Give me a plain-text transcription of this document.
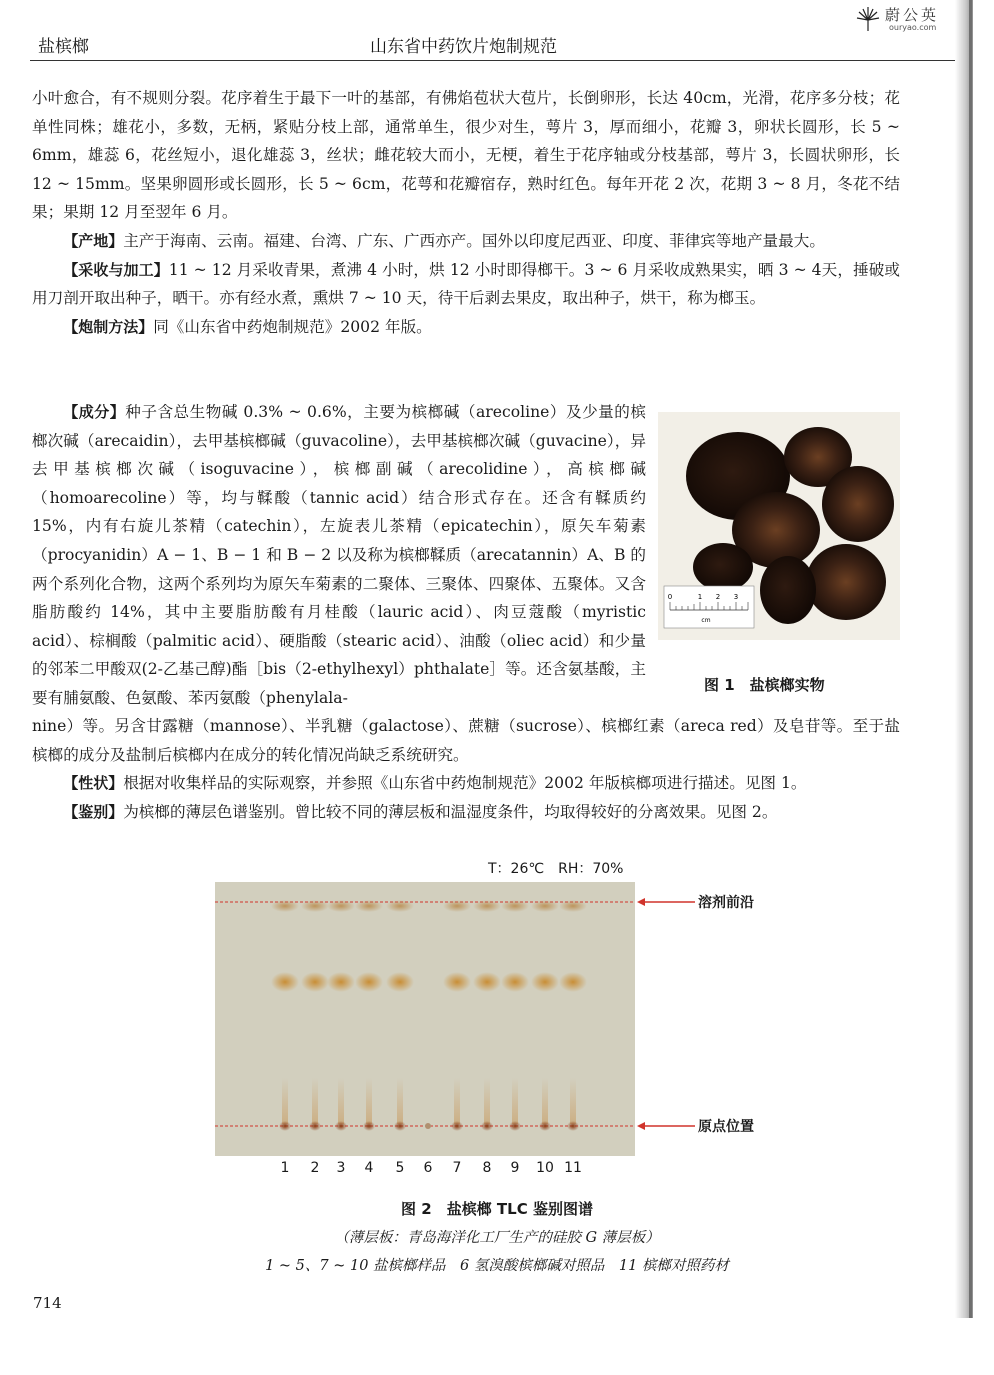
盐槟榔	山东省中药饮片炮制规范
蔚公英
ouryao.com

小叶愈合，有不规则分裂。花序着生于最下一叶的基部，有佛焰苞状大苞片，长倒卵形，长达 40cm，光滑，花序多分枝；花单性同株；雄花小，多数，无柄，紧贴分枝上部，通常单生，很少对生，萼片 3，厚而细小，花瓣 3，卵状长圆形，长 5 ~ 6mm，雄蕊 6，花丝短小，退化雄蕊 3，丝状；雌花较大而小，无梗，着生于花序轴或分枝基部，萼片 3，长圆状卵形，长 12 ~ 15mm。坚果卵圆形或长圆形，长 5 ~ 6cm，花萼和花瓣宿存，熟时红色。每年开花 2 次，花期 3 ~ 8 月，冬花不结果；果期 12 月至翌年 6 月。

【产地】主产于海南、云南。福建、台湾、广东、广西亦产。国外以印度尼西亚、印度、菲律宾等地产量最大。

【采收与加工】11 ~ 12 月采收青果，煮沸 4 小时，烘 12 小时即得榔干。3 ~ 6 月采收成熟果实，晒 3 ~ 4天，捶破或用刀剖开取出种子，晒干。亦有经水煮，熏烘 7 ~ 10 天，待干后剥去果皮，取出种子，烘干，称为榔玉。

【炮制方法】同《山东省中药炮制规范》2002 年版。

【成分】种子含总生物碱 0.3% ~ 0.6%，主要为槟榔碱（arecoline）及少量的槟榔次碱（arecaidin），去甲基槟榔碱（guvacoline），去甲基槟榔次碱（guvacine），异去甲基槟榔次碱（isoguvacine），槟榔副碱（arecolidine），高槟榔碱（homoarecoline）等，均与鞣酸（tannic acid）结合形式存在。还含有鞣质约 15%，内有右旋儿茶精（catechin），左旋表儿茶精（epicatechin），原矢车菊素（procyanidin）A − 1、B − 1 和 B − 2 以及称为槟榔鞣质（arecatannin）A、B 的两个系列化合物，这两个系列均为原矢车菊素的二聚体、三聚体、四聚体、五聚体。又含脂肪酸约 14%，其中主要脂肪酸有月桂酸（lauric acid）、肉豆蔻酸（myristic acid）、棕榈酸（palmitic acid）、硬脂酸（stearic acid）、油酸（oliec acid）和少量的邻苯二甲酸双(2-乙基己醇)酯［bis（2-ethylhexyl）phthalate］等。还含氨基酸，主要有脯氨酸、色氨酸、苯丙氨酸（phenylala-

nine）等。另含甘露糖（mannose）、半乳糖（galactose）、蔗糖（sucrose）、槟榔红素（areca red）及皂苷等。至于盐槟榔的成分及盐制后槟榔内在成分的转化情况尚缺乏系统研究。

【性状】根据对收集样品的实际观察，并参照《山东省中药炮制规范》2002 年版槟榔项进行描述。见图 1。

【鉴别】为槟榔的薄层色谱鉴别。曾比较不同的薄层板和温湿度条件，均取得较好的分离效果。见图 2。

0	1 2 3
cm
图 1　盐槟榔实物
T：26℃　RH：70%
溶剂前沿
原点位置
1 2 3 4 5 6 7 8 9 10 11
图 2　盐槟榔 TLC 鉴别图谱
（薄层板：青岛海洋化工厂生产的硅胶 G 薄层板）
1 ~ 5、7 ~ 10 盐槟榔样品　6 氢溴酸槟榔碱对照品　11 槟榔对照药材
714
